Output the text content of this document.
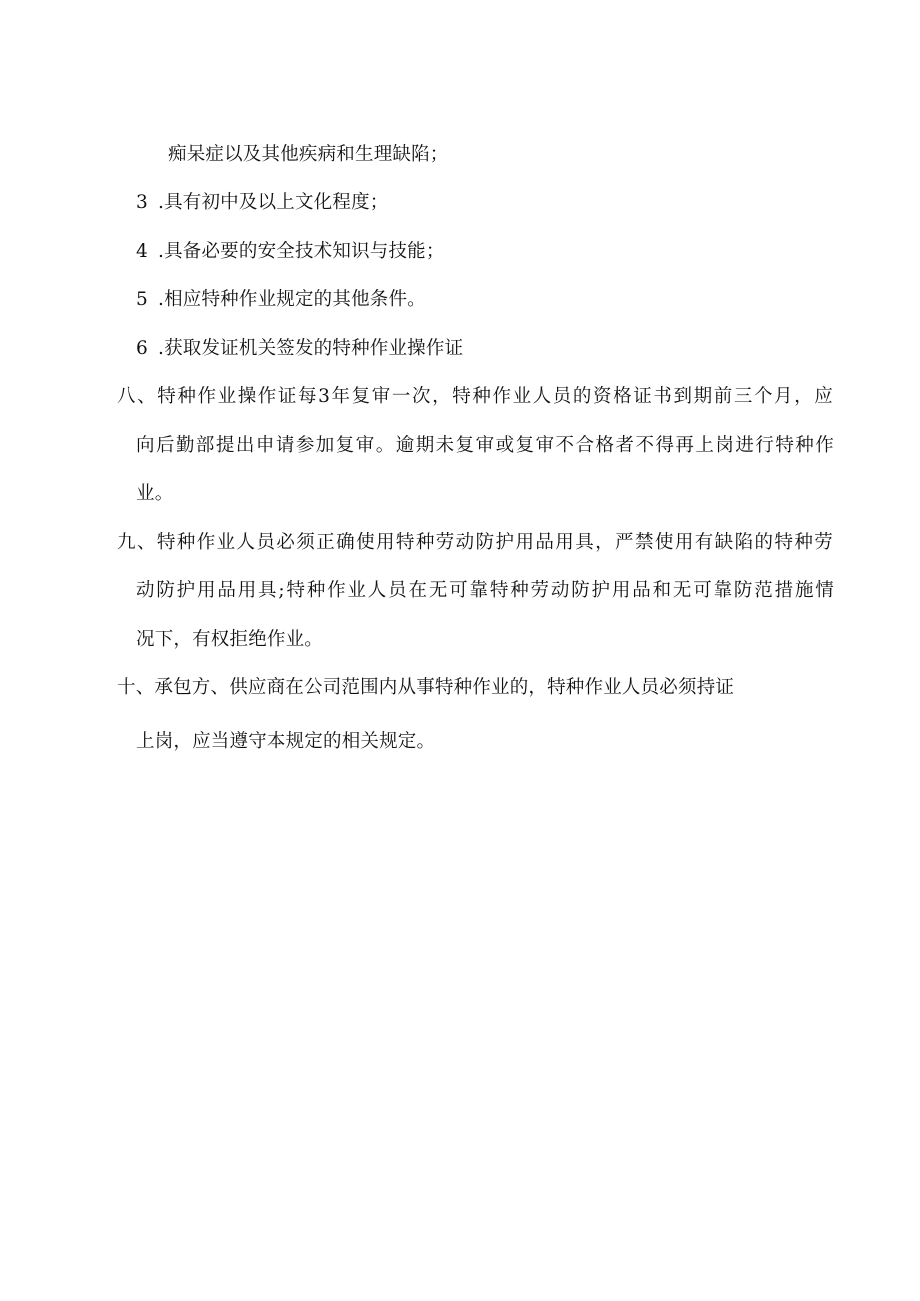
痴呆症以及其他疾病和生理缺陷；
3 .具有初中及以上文化程度；
4 .具备必要的安全技术知识与技能；
5 .相应特种作业规定的其他条件。
6 .获取发证机关签发的特种作业操作证
八、特种作业操作证每3年复审一次，特种作业人员的资格证书到期前三个月，应
向后勤部提出申请参加复审。逾期未复审或复审不合格者不得再上岗进行特种作
业。
九、特种作业人员必须正确使用特种劳动防护用品用具，严禁使用有缺陷的特种劳
动防护用品用具;特种作业人员在无可靠特种劳动防护用品和无可靠防范措施情
况下，有权拒绝作业。
十、承包方、供应商在公司范围内从事特种作业的，特种作业人员必须持证
上岗，应当遵守本规定的相关规定。
